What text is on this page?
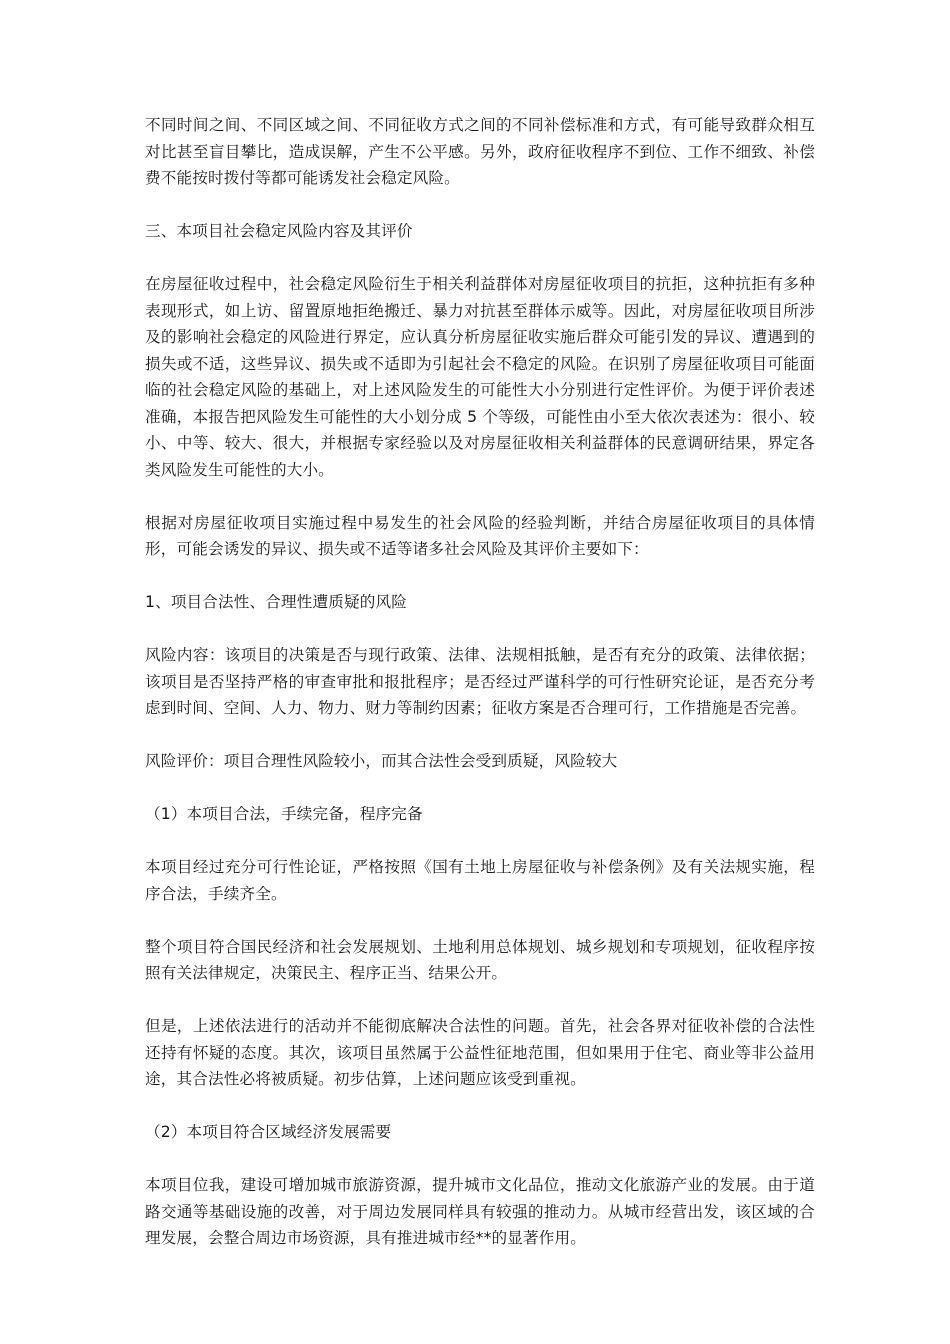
不同时间之间、不同区域之间、不同征收方式之间的不同补偿标准和方式，有可能导致群众相互对比甚至盲目攀比，造成误解，产生不公平感。另外，政府征收程序不到位、工作不细致、补偿费不能按时拨付等都可能诱发社会稳定风险。

三、本项目社会稳定风险内容及其评价

在房屋征收过程中，社会稳定风险衍生于相关利益群体对房屋征收项目的抗拒，这种抗拒有多种表现形式，如上访、留置原地拒绝搬迁、暴力对抗甚至群体示威等。因此，对房屋征收项目所涉及的影响社会稳定的风险进行界定，应认真分析房屋征收实施后群众可能引发的异议、遭遇到的损失或不适，这些异议、损失或不适即为引起社会不稳定的风险。在识别了房屋征收项目可能面临的社会稳定风险的基础上，对上述风险发生的可能性大小分别进行定性评价。为便于评价表述准确，本报告把风险发生可能性的大小划分成 5 个等级，可能性由小至大依次表述为：很小、较小、中等、较大、很大，并根据专家经验以及对房屋征收相关利益群体的民意调研结果，界定各类风险发生可能性的大小。

根据对房屋征收项目实施过程中易发生的社会风险的经验判断，并结合房屋征收项目的具体情形，可能会诱发的异议、损失或不适等诸多社会风险及其评价主要如下：

1、项目合法性、合理性遭质疑的风险

风险内容：该项目的决策是否与现行政策、法律、法规相抵触，是否有充分的政策、法律依据；该项目是否坚持严格的审查审批和报批程序；是否经过严谨科学的可行性研究论证，是否充分考虑到时间、空间、人力、物力、财力等制约因素；征收方案是否合理可行，工作措施是否完善。

风险评价：项目合理性风险较小，而其合法性会受到质疑，风险较大

（1）本项目合法，手续完备，程序完备

本项目经过充分可行性论证，严格按照《国有土地上房屋征收与补偿条例》及有关法规实施，程序合法，手续齐全。

整个项目符合国民经济和社会发展规划、土地利用总体规划、城乡规划和专项规划，征收程序按照有关法律规定，决策民主、程序正当、结果公开。

但是，上述依法进行的活动并不能彻底解决合法性的问题。首先，社会各界对征收补偿的合法性还持有怀疑的态度。其次，该项目虽然属于公益性征地范围，但如果用于住宅、商业等非公益用途，其合法性必将被质疑。初步估算，上述问题应该受到重视。

（2）本项目符合区域经济发展需要

本项目位我，建设可增加城市旅游资源，提升城市文化品位，推动文化旅游产业的发展。由于道路交通等基础设施的改善，对于周边发展同样具有较强的推动力。从城市经营出发，该区域的合理发展，会整合周边市场资源，具有推进城市经**的显著作用。
